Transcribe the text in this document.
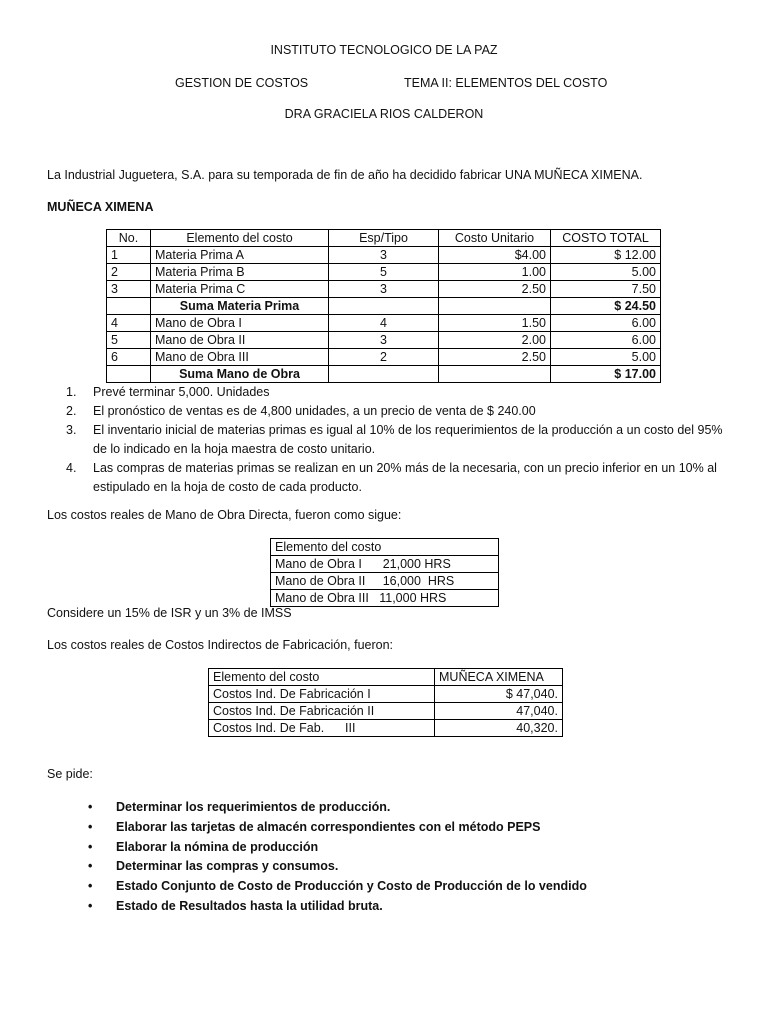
INSTITUTO TECNOLOGICO DE LA PAZ

GESTION DE COSTOS	TEMA II: ELEMENTOS DEL COSTO

DRA GRACIELA RIOS CALDERON

La Industrial Juguetera, S.A. para su temporada de fin de año ha decidido fabricar UNA MUÑECA XIMENA.

MUÑECA XIMENA

No.	Elemento del costo	Esp/Tipo	Costo Unitario	COSTO TOTAL
1	Materia Prima A	3	$4.00	$ 12.00
2	Materia Prima B	5	1.00	5.00
3	Materia Prima C	3	2.50	7.50
	Suma Materia Prima			$ 24.50
4	Mano de Obra I	4	1.50	6.00
5	Mano de Obra II	3	2.00	6.00
6	Mano de Obra III	2	2.50	5.00
	Suma Mano de Obra			$ 17.00
1. Prevé terminar 5,000. Unidades
2. El pronóstico de ventas es de 4,800 unidades, a un precio de venta de $ 240.00
3. El inventario inicial de materias primas es igual al 10% de los requerimientos de la producción a un costo del 95% de lo indicado en la hoja maestra de costo unitario.
4. Las compras de materias primas se realizan en un 20% más de la necesaria, con un precio inferior en un 10% al estipulado en la hoja de costo de cada producto.

Los costos reales de Mano de Obra Directa, fueron como sigue:

Elemento del costo
Mano de Obra I      21,000 HRS
Mano de Obra II     16,000  HRS
Mano de Obra III   11,000 HRS

Considere un 15% de ISR y un 3% de IMSS

Los costos reales de Costos Indirectos de Fabricación, fueron:

Elemento del costo	MUÑECA XIMENA
Costos Ind. De Fabricación I	$ 47,040.
Costos Ind. De Fabricación II	47,040.
Costos Ind. De Fab.      III	40,320.

Se pide:

• Determinar los requerimientos de producción.
• Elaborar las tarjetas de almacén correspondientes con el método PEPS
• Elaborar la nómina de producción
• Determinar las compras y consumos.
• Estado Conjunto de Costo de Producción y Costo de Producción de lo vendido
• Estado de Resultados hasta la utilidad bruta.
